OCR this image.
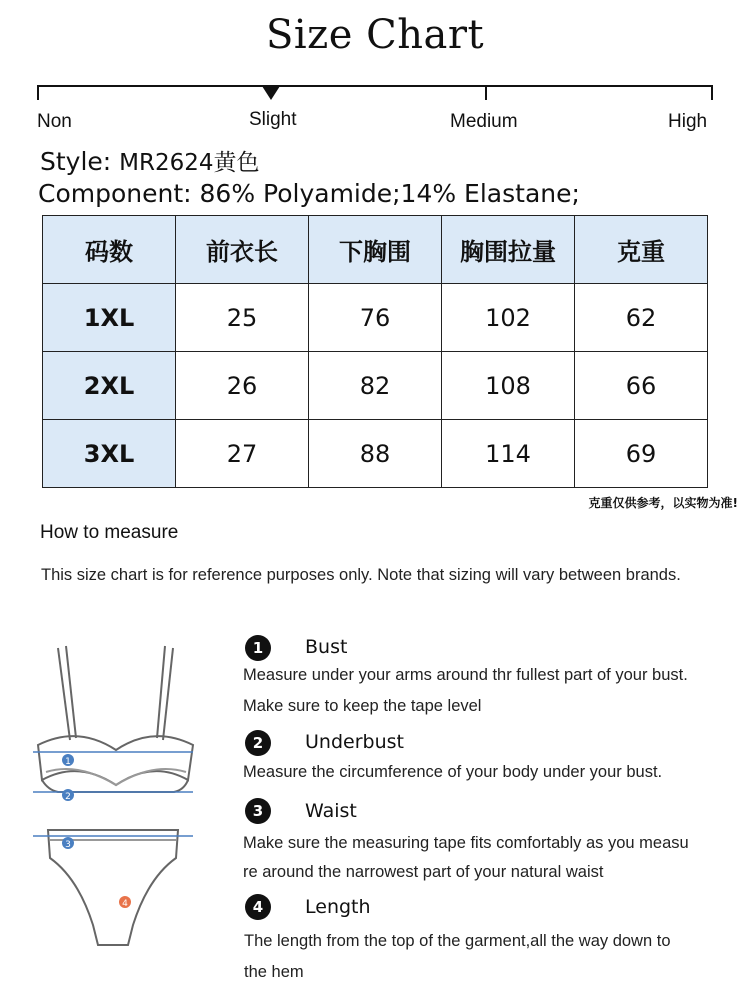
Size Chart
Non	Slight	Medium	High
Style: MR2624黄色
Component: 86% Polyamide;14% Elastane;
码数	前衣长	下胸围	胸围拉量	克重
1XL	25	76	102	62
2XL	26	82	108	66
3XL	27	88	114	69
克重仅供参考，以实物为准!
How to measure
This size chart is for reference purposes only. Note that sizing will vary between brands.
1
2
3
4
1	Bust
Measure under your arms around thr fullest part of your bust.
Make sure to keep the tape level
2	Underbust
Measure the circumference of your body under your bust.
3	Waist
Make sure the measuring tape fits comfortably as you measu
re around the narrowest part of your natural waist
4	Length
The length from the top of the garment,all the way down to
the hem
